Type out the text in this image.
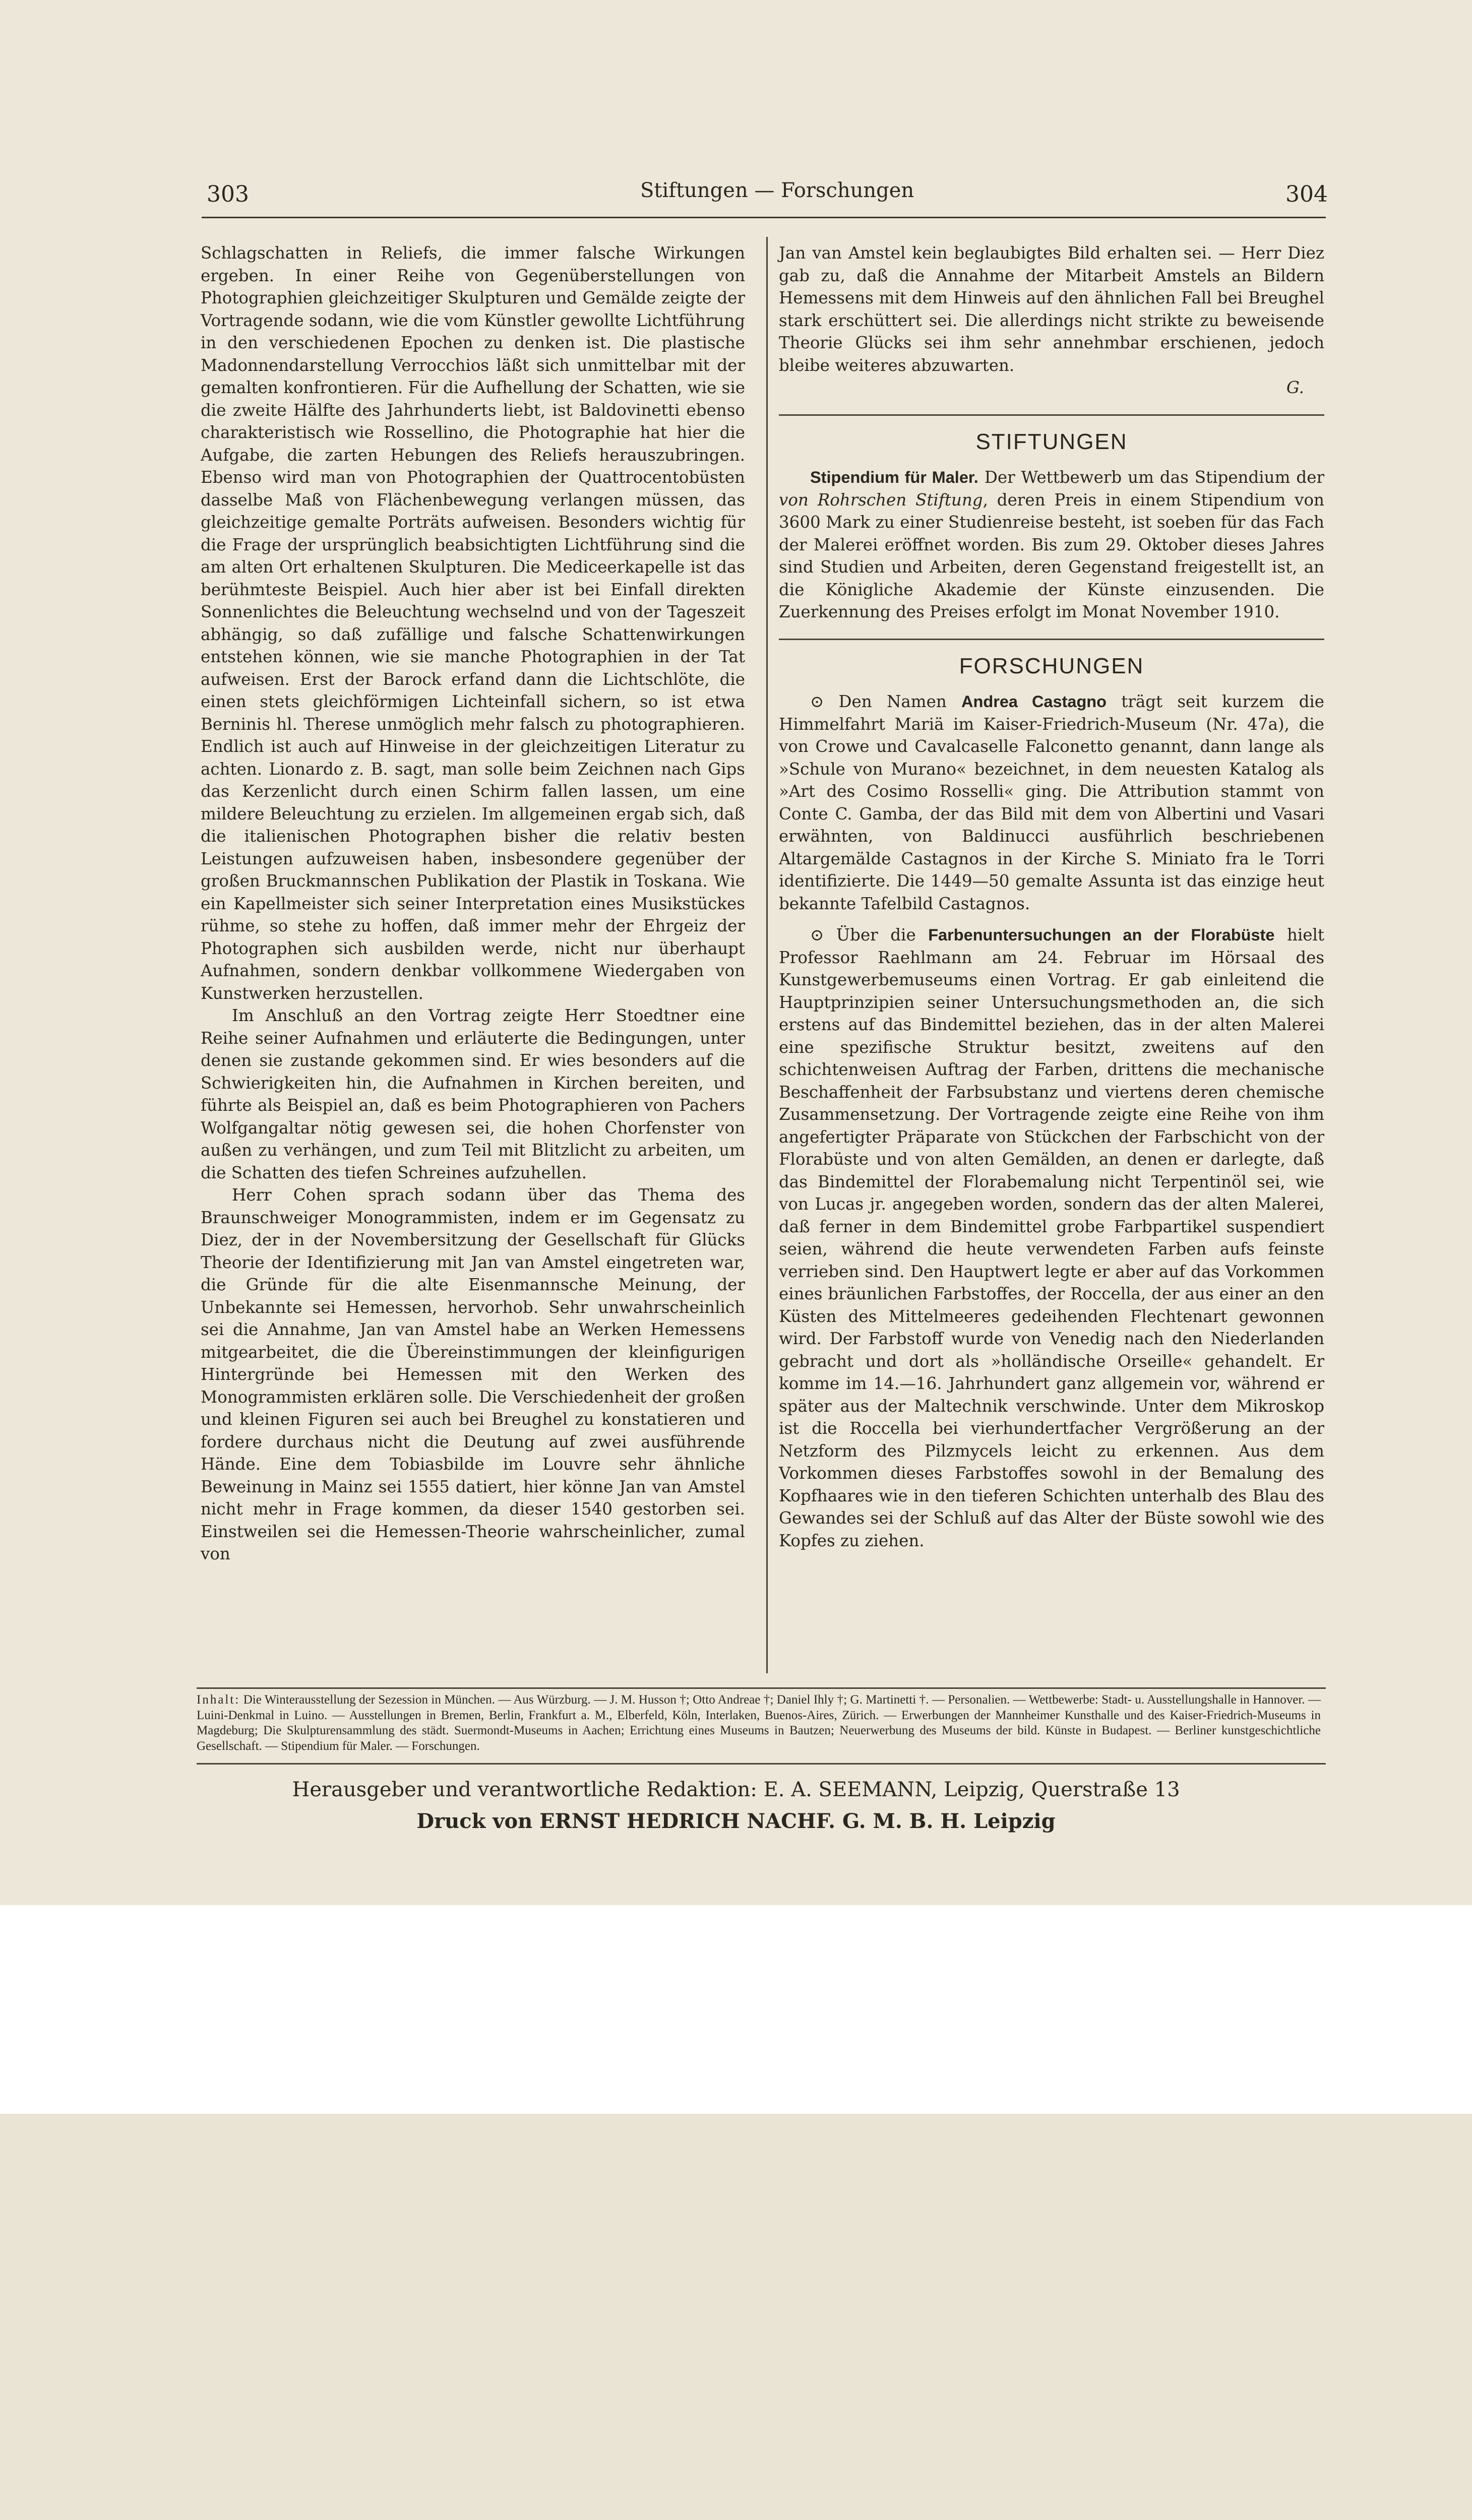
303	Stiftungen — Forschungen	304

Schlagschatten in Reliefs, die immer falsche Wirkungen ergeben. In einer Reihe von Gegenüberstellungen von Photographien gleichzeitiger Skulpturen und Gemälde zeigte der Vortragende sodann, wie die vom Künstler gewollte Lichtführung in den verschiedenen Epochen zu denken ist. Die plastische Madonnendarstellung Verrocchios läßt sich unmittelbar mit der gemalten konfrontieren. Für die Aufhellung der Schatten, wie sie die zweite Hälfte des Jahrhunderts liebt, ist Baldovinetti ebenso charakteristisch wie Rossellino, die Photographie hat hier die Aufgabe, die zarten Hebungen des Reliefs herauszubringen. Ebenso wird man von Photographien der Quattrocentobüsten dasselbe Maß von Flächenbewegung verlangen müssen, das gleichzeitige gemalte Porträts aufweisen. Besonders wichtig für die Frage der ursprünglich beabsichtigten Lichtführung sind die am alten Ort erhaltenen Skulpturen. Die Mediceerkapelle ist das berühmteste Beispiel. Auch hier aber ist bei Einfall direkten Sonnenlichtes die Beleuchtung wechselnd und von der Tageszeit abhängig, so daß zufällige und falsche Schattenwirkungen entstehen können, wie sie manche Photographien in der Tat aufweisen. Erst der Barock erfand dann die Lichtschlöte, die einen stets gleichförmigen Lichteinfall sichern, so ist etwa Berninis hl. Therese unmöglich mehr falsch zu photographieren. Endlich ist auch auf Hinweise in der gleichzeitigen Literatur zu achten. Lionardo z. B. sagt, man solle beim Zeichnen nach Gips das Kerzenlicht durch einen Schirm fallen lassen, um eine mildere Beleuchtung zu erzielen. Im allgemeinen ergab sich, daß die italienischen Photographen bisher die relativ besten Leistungen aufzuweisen haben, insbesondere gegenüber der großen Bruckmannschen Publikation der Plastik in Toskana. Wie ein Kapellmeister sich seiner Interpretation eines Musikstückes rühme, so stehe zu hoffen, daß immer mehr der Ehrgeiz der Photographen sich ausbilden werde, nicht nur überhaupt Aufnahmen, sondern denkbar vollkommene Wiedergaben von Kunstwerken herzustellen.

Im Anschluß an den Vortrag zeigte Herr Stoedtner eine Reihe seiner Aufnahmen und erläuterte die Bedingungen, unter denen sie zustande gekommen sind. Er wies besonders auf die Schwierigkeiten hin, die Aufnahmen in Kirchen bereiten, und führte als Beispiel an, daß es beim Photographieren von Pachers Wolfgangaltar nötig gewesen sei, die hohen Chorfenster von außen zu verhängen, und zum Teil mit Blitzlicht zu arbeiten, um die Schatten des tiefen Schreines aufzuhellen.

Herr Cohen sprach sodann über das Thema des Braunschweiger Monogrammisten, indem er im Gegensatz zu Diez, der in der Novembersitzung der Gesellschaft für Glücks Theorie der Identifizierung mit Jan van Amstel eingetreten war, die Gründe für die alte Eisenmannsche Meinung, der Unbekannte sei Hemessen, hervorhob. Sehr unwahrscheinlich sei die Annahme, Jan van Amstel habe an Werken Hemessens mitgearbeitet, die die Übereinstimmungen der kleinfigurigen Hintergründe bei Hemessen mit den Werken des Monogrammisten erklären solle. Die Verschiedenheit der großen und kleinen Figuren sei auch bei Breughel zu konstatieren und fordere durchaus nicht die Deutung auf zwei ausführende Hände. Eine dem Tobiasbilde im Louvre sehr ähnliche Beweinung in Mainz sei 1555 datiert, hier könne Jan van Amstel nicht mehr in Frage kommen, da dieser 1540 gestorben sei. Einstweilen sei die Hemessen-Theorie wahrscheinlicher, zumal von

Jan van Amstel kein beglaubigtes Bild erhalten sei. — Herr Diez gab zu, daß die Annahme der Mitarbeit Amstels an Bildern Hemessens mit dem Hinweis auf den ähnlichen Fall bei Breughel stark erschüttert sei. Die allerdings nicht strikte zu beweisende Theorie Glücks sei ihm sehr annehmbar erschienen, jedoch bleibe weiteres abzuwarten.

G.

STIFTUNGEN

Stipendium für Maler. Der Wettbewerb um das Stipendium der von Rohrschen Stiftung, deren Preis in einem Stipendium von 3600 Mark zu einer Studienreise besteht, ist soeben für das Fach der Malerei eröffnet worden. Bis zum 29. Oktober dieses Jahres sind Studien und Arbeiten, deren Gegenstand freigestellt ist, an die Königliche Akademie der Künste einzusenden. Die Zuerkennung des Preises erfolgt im Monat November 1910.

FORSCHUNGEN

⊙ Den Namen Andrea Castagno trägt seit kurzem die Himmelfahrt Mariä im Kaiser-Friedrich-Museum (Nr. 47a), die von Crowe und Cavalcaselle Falconetto genannt, dann lange als »Schule von Murano« bezeichnet, in dem neuesten Katalog als »Art des Cosimo Rosselli« ging. Die Attribution stammt von Conte C. Gamba, der das Bild mit dem von Albertini und Vasari erwähnten, von Baldinucci ausführlich beschriebenen Altargemälde Castagnos in der Kirche S. Miniato fra le Torri identifizierte. Die 1449—50 gemalte Assunta ist das einzige heut bekannte Tafelbild Castagnos.

⊙ Über die Farbenuntersuchungen an der Florabüste hielt Professor Raehlmann am 24. Februar im Hörsaal des Kunstgewerbemuseums einen Vortrag. Er gab einleitend die Hauptprinzipien seiner Untersuchungsmethoden an, die sich erstens auf das Bindemittel beziehen, das in der alten Malerei eine spezifische Struktur besitzt, zweitens auf den schichtenweisen Auftrag der Farben, drittens die mechanische Beschaffenheit der Farbsubstanz und viertens deren chemische Zusammensetzung. Der Vortragende zeigte eine Reihe von ihm angefertigter Präparate von Stückchen der Farbschicht von der Florabüste und von alten Gemälden, an denen er darlegte, daß das Bindemittel der Florabemalung nicht Terpentinöl sei, wie von Lucas jr. angegeben worden, sondern das der alten Malerei, daß ferner in dem Bindemittel grobe Farbpartikel suspendiert seien, während die heute verwendeten Farben aufs feinste verrieben sind. Den Hauptwert legte er aber auf das Vorkommen eines bräunlichen Farbstoffes, der Roccella, der aus einer an den Küsten des Mittelmeeres gedeihenden Flechtenart gewonnen wird. Der Farbstoff wurde von Venedig nach den Niederlanden gebracht und dort als »holländische Orseille« gehandelt. Er komme im 14.—16. Jahrhundert ganz allgemein vor, während er später aus der Maltechnik verschwinde. Unter dem Mikroskop ist die Roccella bei vierhundertfacher Vergrößerung an der Netzform des Pilzmycels leicht zu erkennen. Aus dem Vorkommen dieses Farbstoffes sowohl in der Bemalung des Kopfhaares wie in den tieferen Schichten unterhalb des Blau des Gewandes sei der Schluß auf das Alter der Büste sowohl wie des Kopfes zu ziehen.

Inhalt: Die Winterausstellung der Sezession in München. — Aus Würzburg. — J. M. Husson †; Otto Andreae †; Daniel Ihly †; G. Martinetti †. — Personalien. — Wettbewerbe: Stadt- u. Ausstellungshalle in Hannover. — Luini-Denkmal in Luino. — Ausstellungen in Bremen, Berlin, Frankfurt a. M., Elberfeld, Köln, Interlaken, Buenos-Aires, Zürich. — Erwerbungen der Mannheimer Kunsthalle und des Kaiser-Friedrich-Museums in Magdeburg; Die Skulpturensammlung des städt. Suermondt-Museums in Aachen; Errichtung eines Museums in Bautzen; Neuerwerbung des Museums der bild. Künste in Budapest. — Berliner kunstgeschichtliche Gesellschaft. — Stipendium für Maler. — Forschungen.
Herausgeber und verantwortliche Redaktion: E. A. SEEMANN, Leipzig, Querstraße 13
Druck von ERNST HEDRICH NACHF. G. M. B. H. Leipzig
